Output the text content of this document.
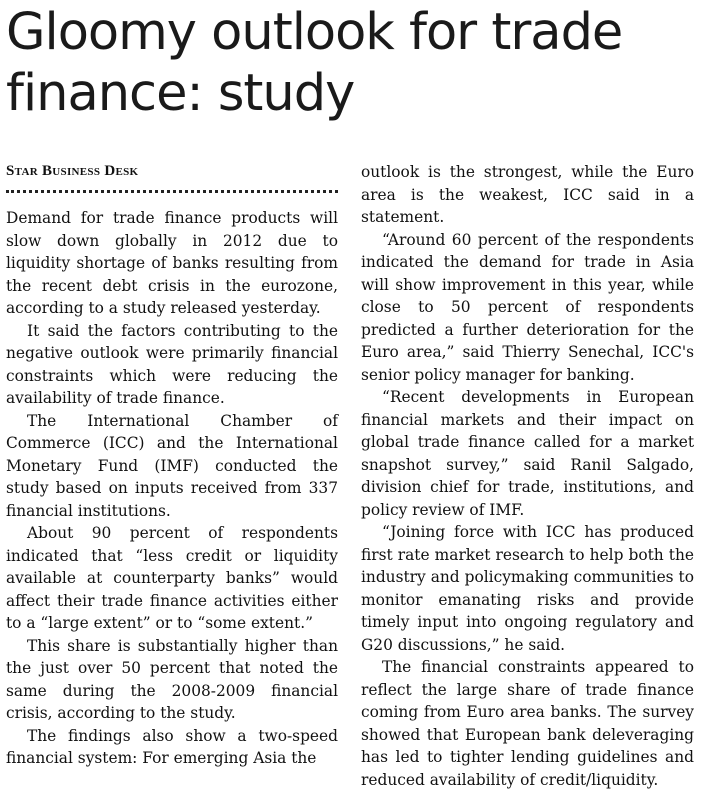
Gloomy outlook for trade finance: study
Star Business Desk

Demand for trade finance products will slow down globally in 2012 due to liquidity shortage of banks resulting from the recent debt crisis in the eurozone, according to a study released yesterday.

It said the factors contributing to the negative outlook were primarily financial constraints which were reducing the availability of trade finance.

The International Chamber of Commerce (ICC) and the International Monetary Fund (IMF) conducted the study based on inputs received from 337 financial institutions.

About 90 percent of respondents indicated that “less credit or liquidity available at counterparty banks” would affect their trade finance activities either to a “large extent” or to “some extent.”

This share is substantially higher than the just over 50 percent that noted the same during the 2008-2009 financial crisis, according to the study.

The findings also show a two-speed financial system: For emerging Asia the

outlook is the strongest, while the Euro area is the weakest, ICC said in a statement.

“Around 60 percent of the respondents indicated the demand for trade in Asia will show improvement in this year, while close to 50 percent of respondents predicted a further deterioration for the Euro area,” said Thierry Senechal, ICC's senior policy manager for banking.

“Recent developments in European financial markets and their impact on global trade finance called for a market snapshot survey,” said Ranil Salgado, division chief for trade, institutions, and policy review of IMF.

“Joining force with ICC has produced first rate market research to help both the industry and policymaking communities to monitor emanating risks and provide timely input into ongoing regulatory and G20 discussions,” he said.

The financial constraints appeared to reflect the large share of trade finance coming from Euro area banks. The survey showed that European bank deleveraging has led to tighter lending guidelines and reduced availability of credit/liquidity.
